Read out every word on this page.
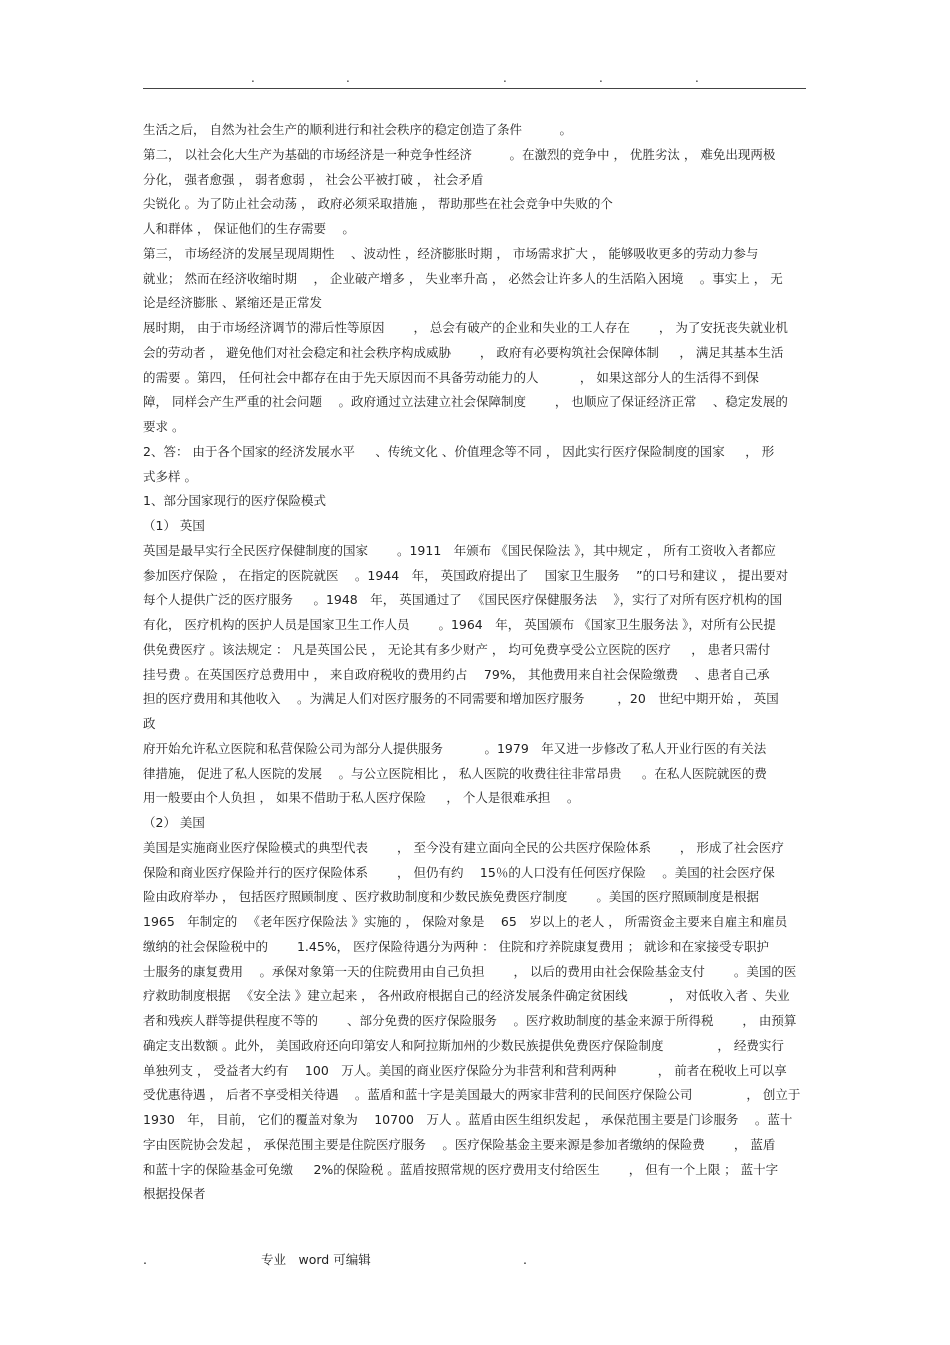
.	.	.	.	.
生活之后， 自然为社会生产的顺利进行和社会秩序的稳定创造了条件　　　。
第二， 以社会化大生产为基础的市场经济是一种竞争性经济　　　。在激烈的竞争中 ， 优胜劣汰 ， 难免出现两极
分化， 强者愈强 ， 弱者愈弱 ， 社会公平被打破 ， 社会矛盾
尖锐化 。为了防止社会动荡 ， 政府必须采取措施 ， 帮助那些在社会竞争中失败的个
人和群体 ， 保证他们的生存需要 　。
第三， 市场经济的发展呈现周期性　 、波动性 ，经济膨胀时期 ， 市场需求扩大 ， 能够吸收更多的劳动力参与
就业； 然而在经济收缩时期 　， 企业破产增多 ， 失业率升高 ， 必然会让许多人的生活陷入困境 　。事实上 ， 无
论是经济膨胀 、紧缩还是正常发
展时期， 由于市场经济调节的滞后性等原因 　　， 总会有破产的企业和失业的工人存在 　　， 为了安抚丧失就业机
会的劳动者 ， 避免他们对社会稳定和社会秩序构成威胁 　　， 政府有必要构筑社会保障体制 　 ， 满足其基本生活
的需要 。第四， 任何社会中都存在由于先天原因而不具备劳动能力的人 　　　， 如果这部分人的生活得不到保
障， 同样会产生严重的社会问题 　。政府通过立法建立社会保障制度 　　， 也顺应了保证经济正常 　、稳定发展的
要求 。
2、答： 由于各个国家的经济发展水平 　 、传统文化 、价值理念等不同 ， 因此实行医疗保险制度的国家 　 ， 形
式多样 。
1、部分国家现行的医疗保险模式
（1） 英国
英国是最早实行全民医疗保健制度的国家 　　。1911　年颁布 《国民保险法 》，其中规定 ， 所有工资收入者都应
参加医疗保险 ， 在指定的医院就医 　。1944　年， 英国政府提出了 　国家卫生服务 　”的口号和建议 ， 提出要对
每个人提供广泛的医疗服务 　 。1948　年， 英国通过了 　《国民医疗保健服务法 　》，实行了对所有医疗机构的国
有化， 医疗机构的医护人员是国家卫生工作人员 　　。1964　年， 英国颁布 《国家卫生服务法 》，对所有公民提
供免费医疗 。该法规定 ： 凡是英国公民 ， 无论其有多少财产 ， 均可免费享受公立医院的医疗 　 ， 患者只需付
挂号费 。在英国医疗总费用中 ， 来自政府税收的费用约占 　79%， 其他费用来自社会保险缴费 　、患者自己承
担的医疗费用和其他收入 　。为满足人们对医疗服务的不同需要和增加医疗服务 　　 ，20　世纪中期开始 ， 英国
政
府开始允许私立医院和私营保险公司为部分人提供服务 　　　。1979　年又进一步修改了私人开业行医的有关法
律措施， 促进了私人医院的发展 　。与公立医院相比 ， 私人医院的收费往往非常昂贵 　 。在私人医院就医的费
用一般要由个人负担 ， 如果不借助于私人医疗保险 　 ， 个人是很难承担 　。
（2） 美国
美国是实施商业医疗保险模式的典型代表 　　， 至今没有建立面向全民的公共医疗保险体系 　　， 形成了社会医疗
保险和商业医疗保险并行的医疗保险体系 　　， 但仍有约 　15％的人口没有任何医疗保险 　。美国的社会医疗保
险由政府举办 ， 包括医疗照顾制度 、医疗救助制度和少数民族免费医疗制度 　　。美国的医疗照顾制度是根据
1965　年制定的 　《老年医疗保险法 》实施的 ， 保险对象是 　65　岁以上的老人 ， 所需资金主要来自雇主和雇员
缴纳的社会保险税中的 　　1.45%， 医疗保险待遇分为两种 ： 住院和疗养院康复费用 ； 就诊和在家接受专职护
士服务的康复费用 　。承保对象第一天的住院费用由自己负担 　　， 以后的费用由社会保险基金支付 　　。美国的医
疗救助制度根据 　《安全法 》建立起来 ， 各州政府根据自己的经济发展条件确定贫困线 　　　， 对低收入者 、失业
者和残疾人群等提供程度不等的 　　、部分免费的医疗保险服务 　。医疗救助制度的基金来源于所得税 　　， 由预算
确定支出数额 。此外， 美国政府还向印第安人和阿拉斯加州的少数民族提供免费医疗保险制度 　　　　， 经费实行
单独列支 ， 受益者大约有 　100　万人。美国的商业医疗保险分为非营利和营利两种 　　　， 前者在税收上可以享
受优惠待遇 ， 后者不享受相关待遇 　。蓝盾和蓝十字是美国最大的两家非营利的民间医疗保险公司 　　　　， 创立于
1930　年， 目前， 它们的覆盖对象为 　10700　万人 。蓝盾由医生组织发起 ， 承保范围主要是门诊服务 　。蓝十
字由医院协会发起 ， 承保范围主要是住院医疗服务 　。医疗保险基金主要来源是参加者缴纳的保险费 　　， 蓝盾
和蓝十字的保险基金可免缴 　 2%的保险税 。蓝盾按照常规的医疗费用支付给医生 　　， 但有一个上限 ； 蓝十字
根据投保者
.	专业　word 可编辑	.
